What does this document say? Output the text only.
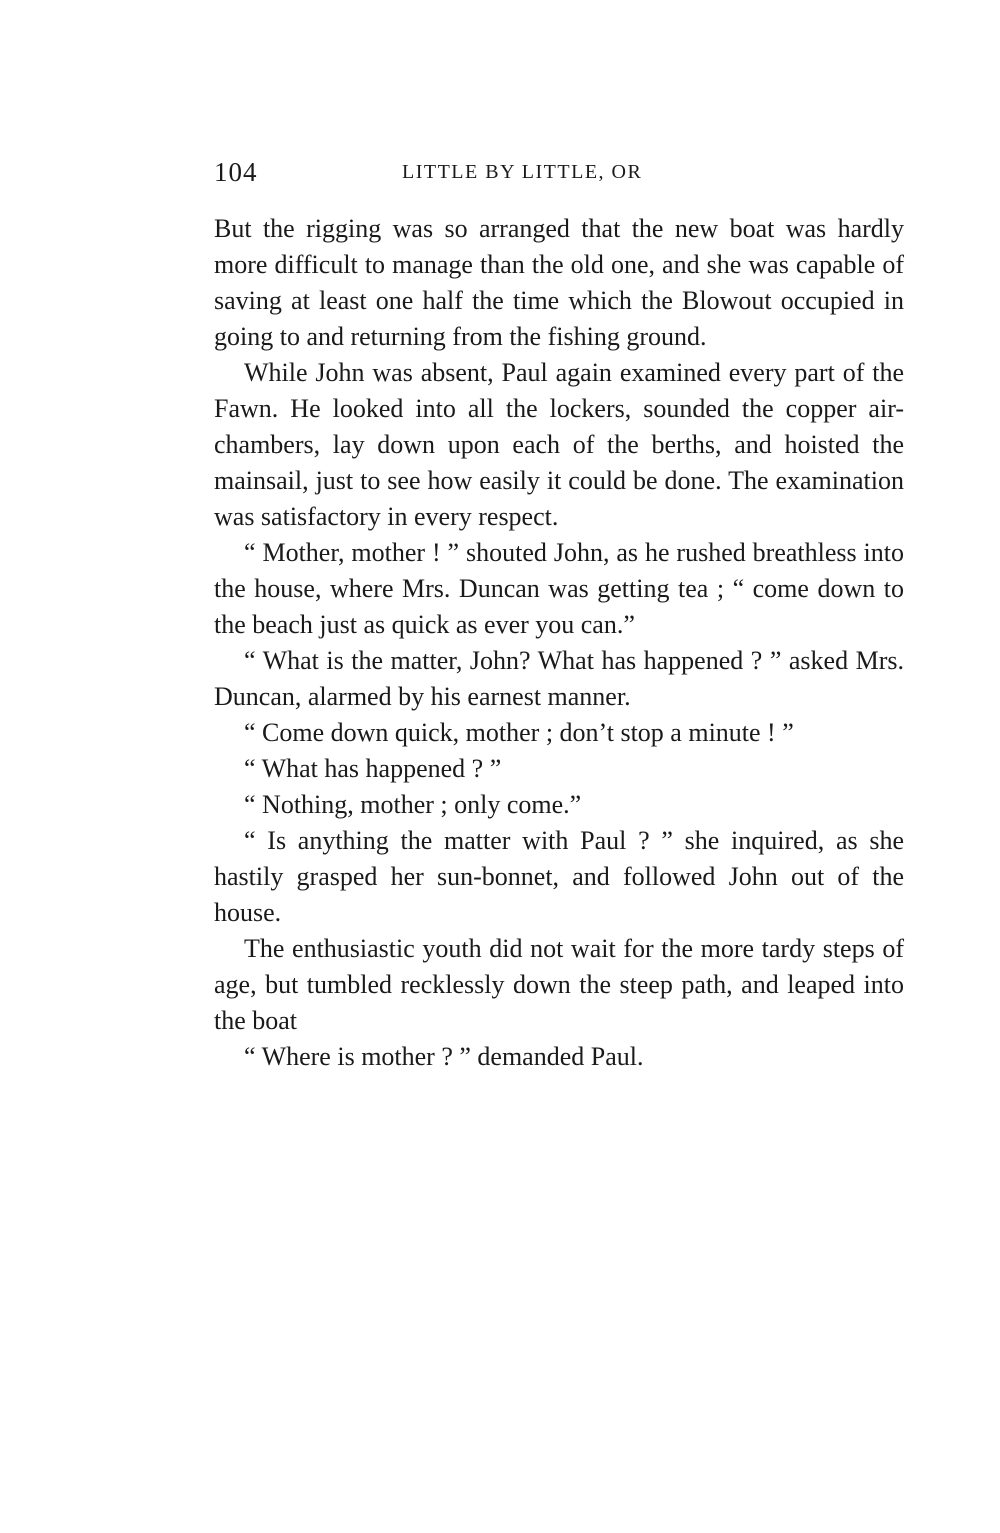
104	LITTLE BY LITTLE, OR

But the rigging was so arranged that the new boat was hardly more difficult to manage than the old one, and she was capable of saving at least one half the time which the Blowout occupied in going to and returning from the fishing ground.

While John was absent, Paul again examined every part of the Fawn. He looked into all the lockers, sounded the copper air-chambers, lay down upon each of the berths, and hoisted the mainsail, just to see how easily it could be done. The examination was satisfactory in every respect.

“ Mother, mother ! ” shouted John, as he rushed breathless into the house, where Mrs. Duncan was getting tea ; “ come down to the beach just as quick as ever you can.”

“ What is the matter, John? What has happened ? ” asked Mrs. Duncan, alarmed by his earnest manner.

“ Come down quick, mother ; don’t stop a minute ! ”

“ What has happened ? ”

“ Nothing, mother ; only come.”

“ Is anything the matter with Paul ? ” she inquired, as she hastily grasped her sun-bonnet, and followed John out of the house.

The enthusiastic youth did not wait for the more tardy steps of age, but tumbled recklessly down the steep path, and leaped into the boat

“ Where is mother ? ” demanded Paul.
